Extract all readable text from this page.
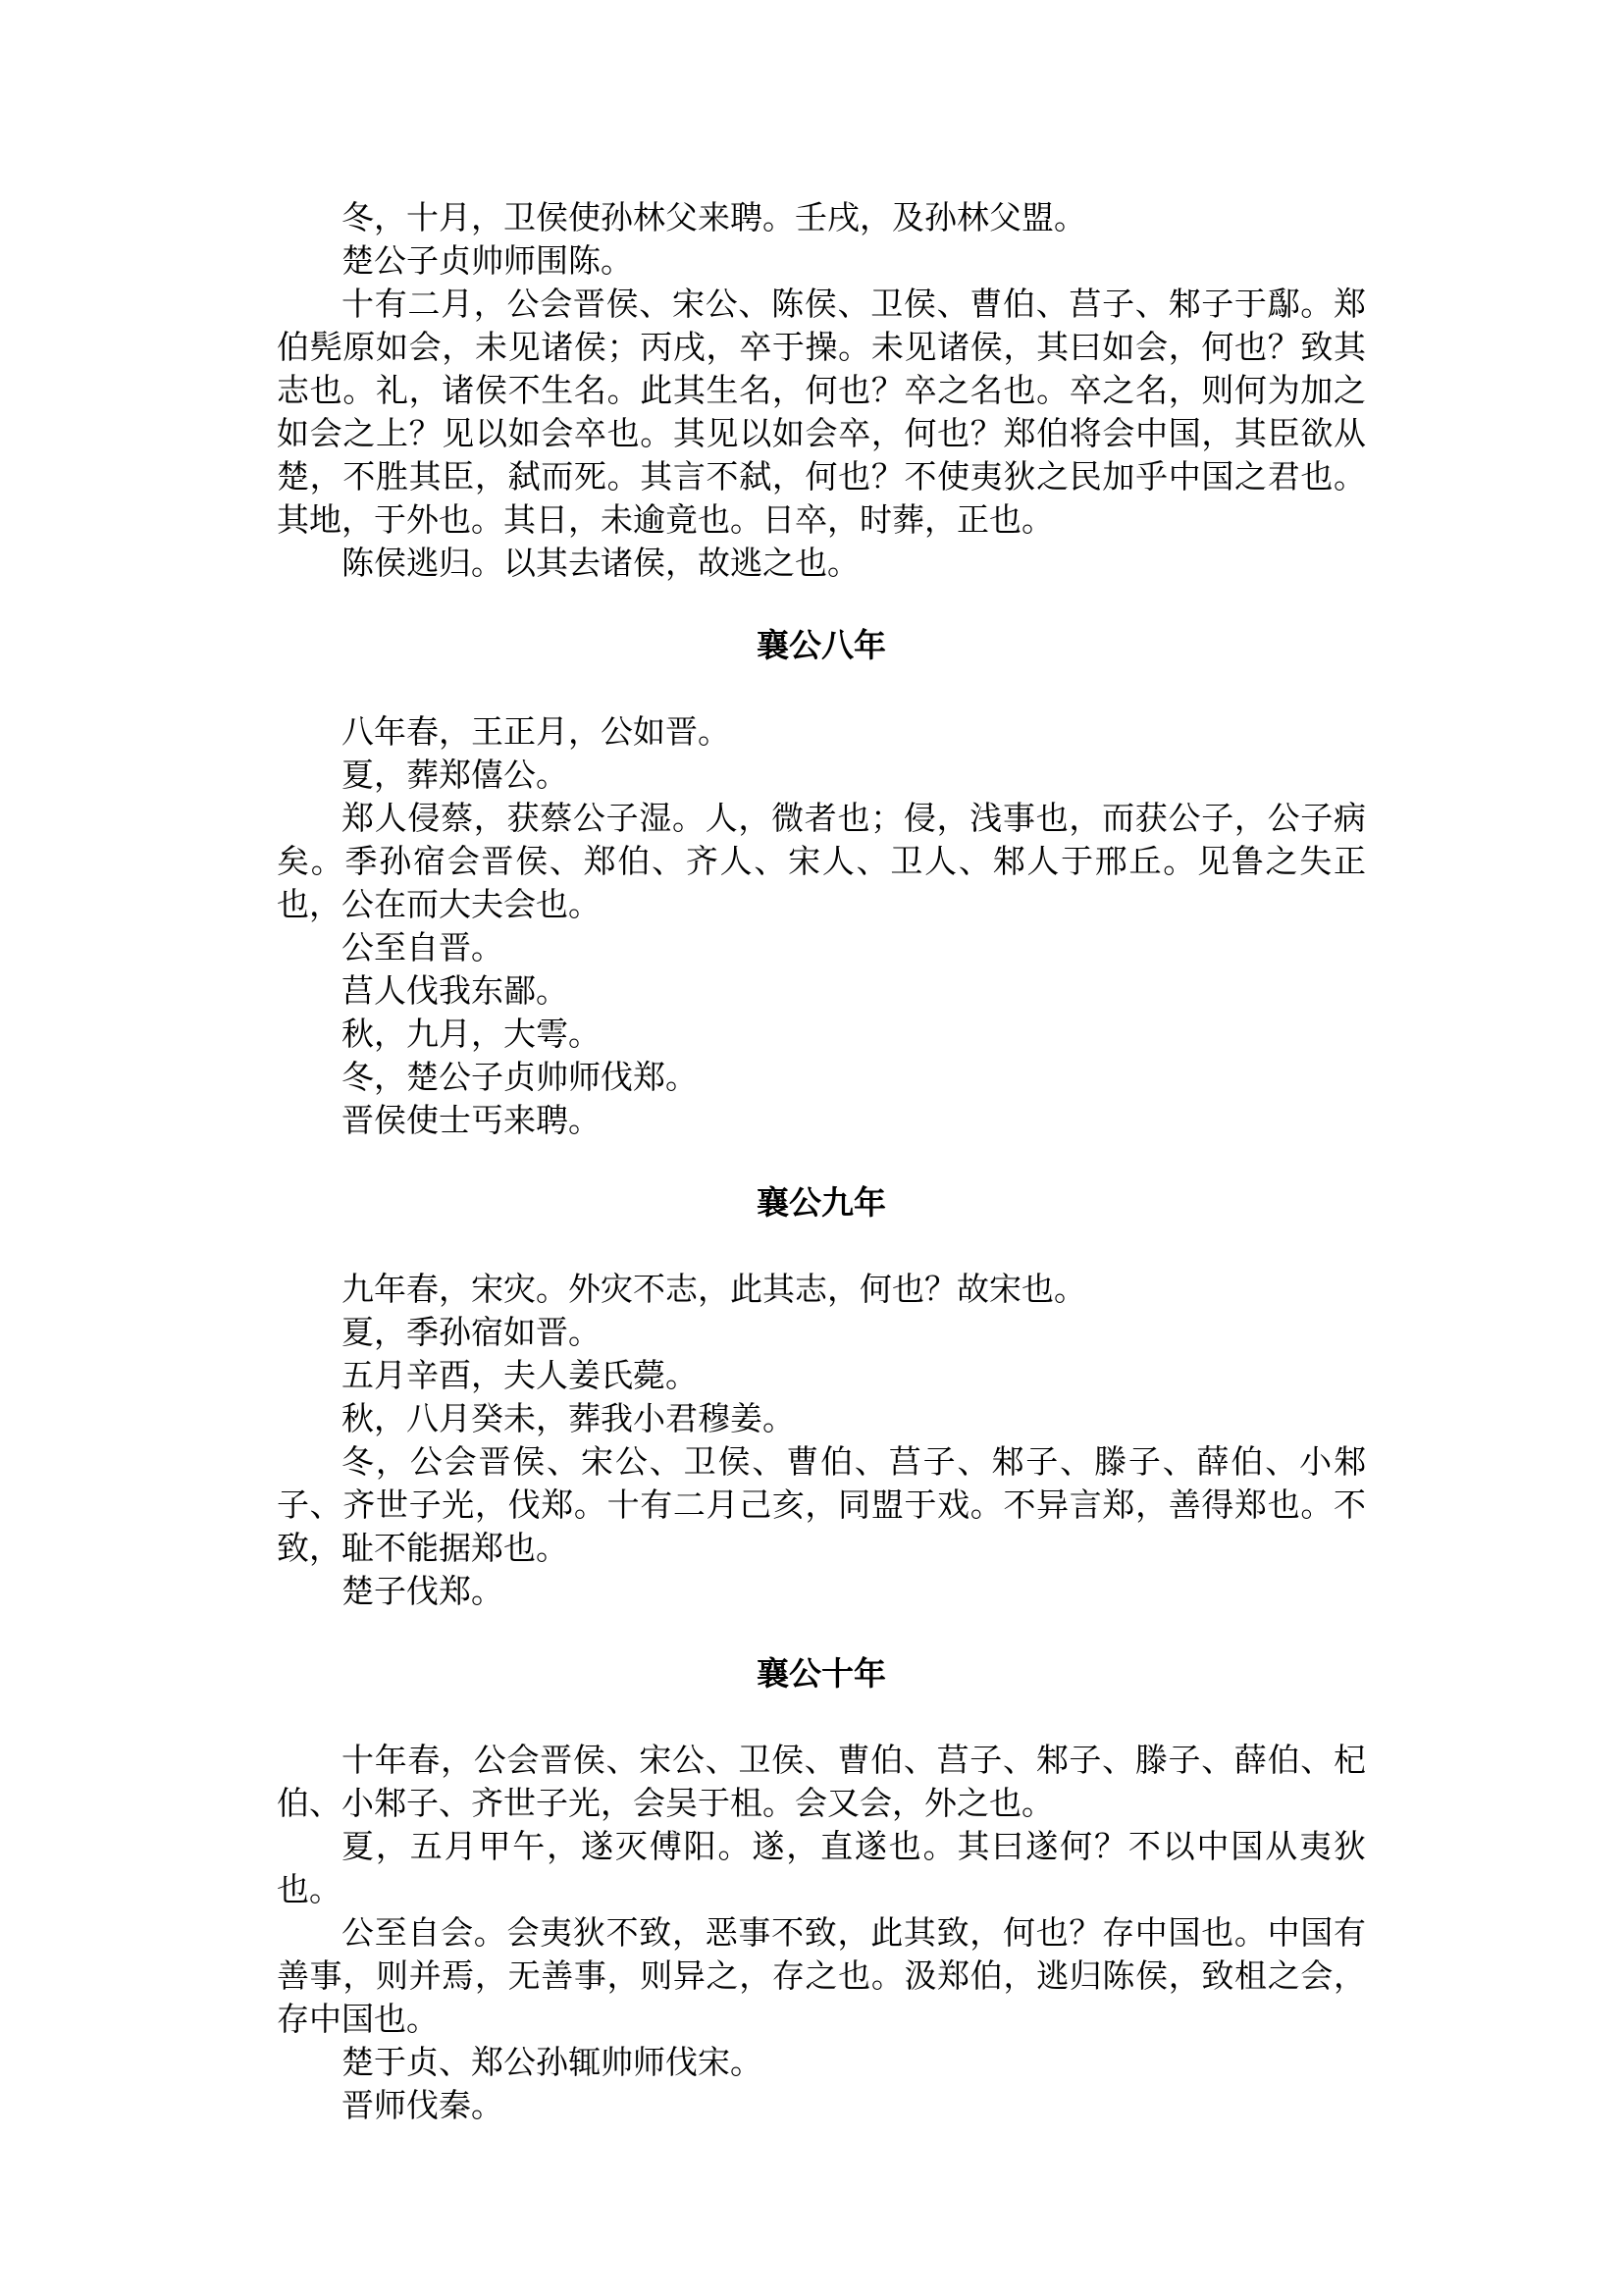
冬，十月，卫侯使孙林父来聘。壬戌，及孙林父盟。

楚公子贞帅师围陈。

十有二月，公会晋侯、宋公、陈侯、卫侯、曹伯、莒子、邾子于鄬。郑伯髡原如会，未见诸侯；丙戌，卒于操。未见诸侯，其曰如会，何也？致其志也。礼，诸侯不生名。此其生名，何也？卒之名也。卒之名，则何为加之如会之上？见以如会卒也。其见以如会卒，何也？郑伯将会中国，其臣欲从楚，不胜其臣，弑而死。其言不弑，何也？不使夷狄之民加乎中国之君也。其地，于外也。其日，未逾竟也。日卒，时葬，正也。

陈侯逃归。以其去诸侯，故逃之也。

襄公八年

八年春，王正月，公如晋。

夏，葬郑僖公。

郑人侵蔡，获蔡公子湿。人，微者也；侵，浅事也，而获公子，公子病矣。季孙宿会晋侯、郑伯、齐人、宋人、卫人、邾人于邢丘。见鲁之失正也，公在而大夫会也。

公至自晋。

莒人伐我东鄙。

秋，九月，大雩。

冬，楚公子贞帅师伐郑。

晋侯使士丐来聘。

襄公九年

九年春，宋灾。外灾不志，此其志，何也？故宋也。

夏，季孙宿如晋。

五月辛酉，夫人姜氏薨。

秋，八月癸未，葬我小君穆姜。

冬，公会晋侯、宋公、卫侯、曹伯、莒子、邾子、滕子、薛伯、小邾子、齐世子光，伐郑。十有二月己亥，同盟于戏。不异言郑，善得郑也。不致，耻不能据郑也。

楚子伐郑。

襄公十年

十年春，公会晋侯、宋公、卫侯、曹伯、莒子、邾子、滕子、薛伯、杞伯、小邾子、齐世子光，会吴于柤。会又会，外之也。

夏，五月甲午，遂灭傅阳。遂，直遂也。其曰遂何？不以中国从夷狄也。

公至自会。会夷狄不致，恶事不致，此其致，何也？存中国也。中国有善事，则并焉，无善事，则异之，存之也。汲郑伯，逃归陈侯，致柤之会，存中国也。

楚于贞、郑公孙辄帅师伐宋。

晋师伐秦。
